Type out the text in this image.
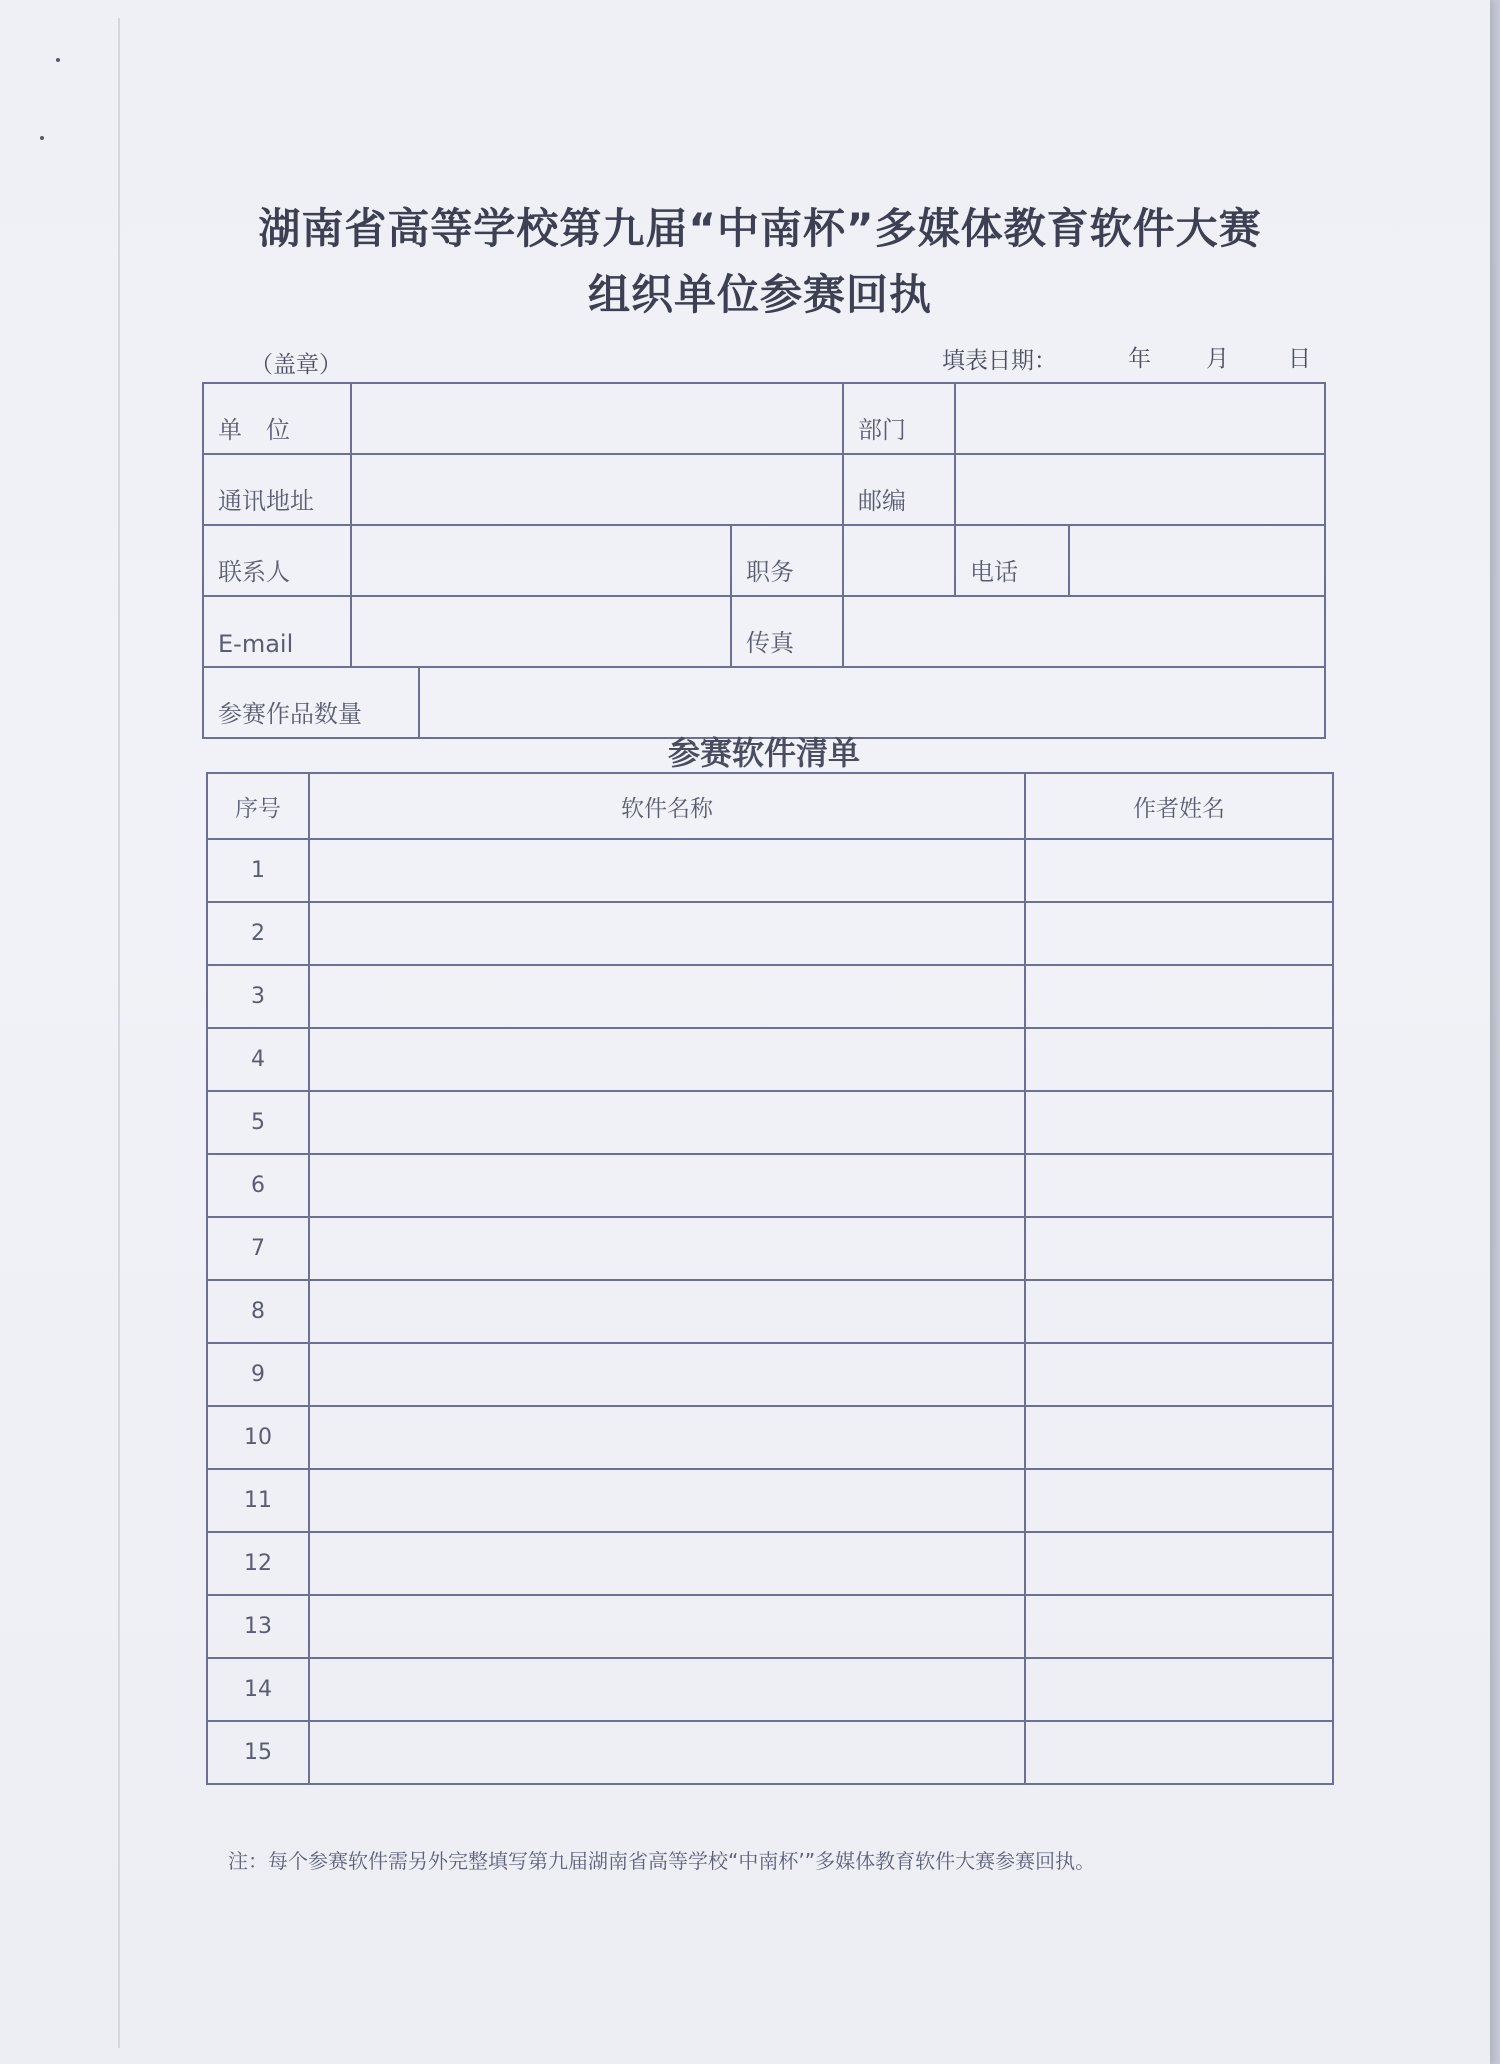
湖南省高等学校第九届“中南杯”多媒体教育软件大赛
组织单位参赛回执
（盖章）	填表日期：	年 月	日
单　位				部门		
通讯地址				邮编		
联系人			职务		电话	
E-mail			传真			
参赛作品数量						
参赛软件清单
序号	软件名称	作者姓名
1		
2		
3		
4		
5		
6		
7		
8		
9		
10		
11		
12		
13		
14		
15		
注：每个参赛软件需另外完整填写第九届湖南省高等学校“中南杯’”多媒体教育软件大赛参赛回执。
